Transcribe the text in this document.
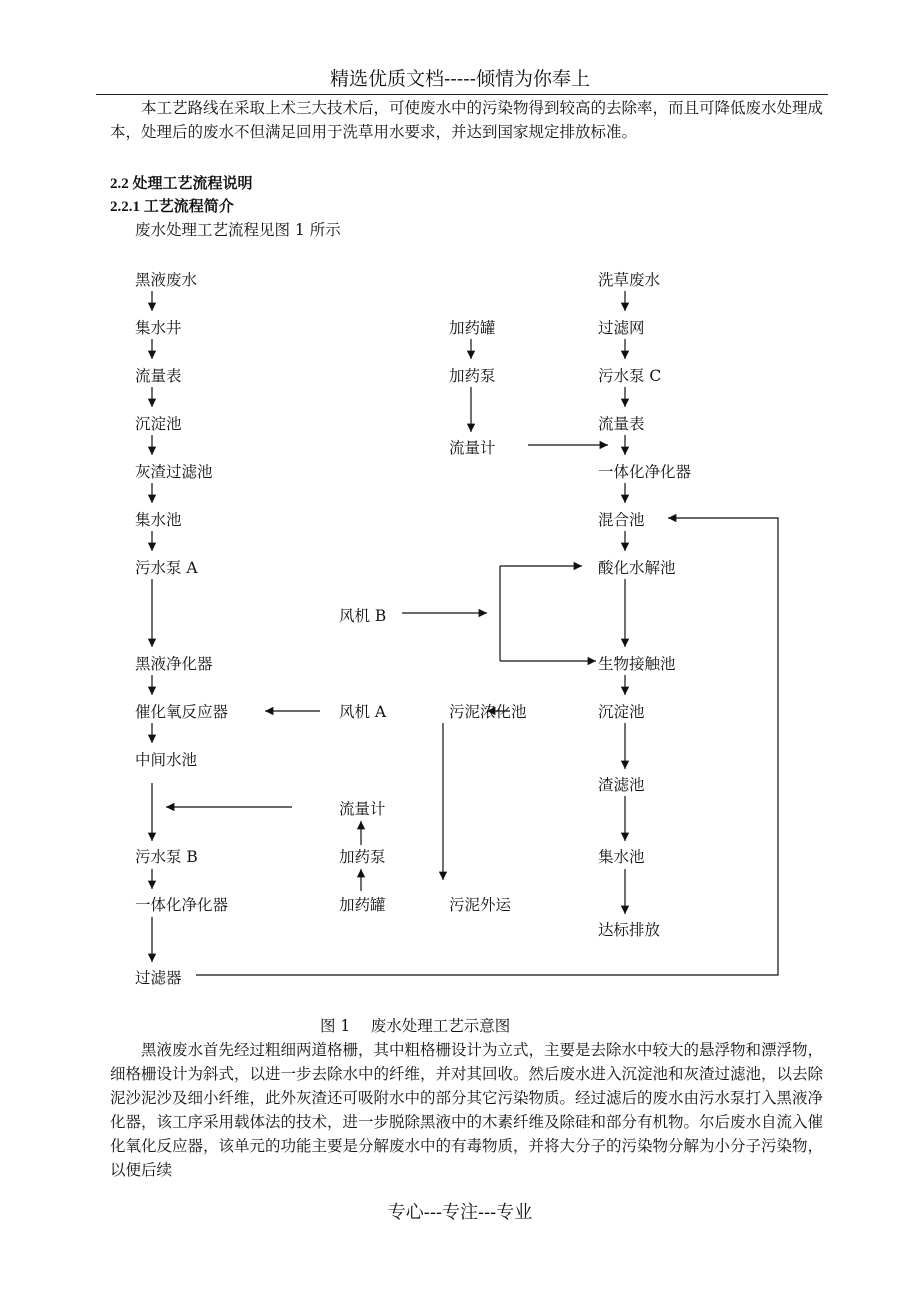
精选优质文档-----倾情为你奉上

本工艺路线在采取上术三大技术后，可使废水中的污染物得到较高的去除率，而且可降低废水处理成本，处理后的废水不但满足回用于洗草用水要求，并达到国家规定排放标准。

2.2 处理工艺流程说明
2.2.1 工艺流程简介
废水处理工艺流程见图 1 所示
黑液废水
集水井
流量表
沉淀池
灰渣过滤池
集水池
污水泵 A
黑液净化器
催化氧反应器
中间水池
污水泵 B
一体化净化器
过滤器
洗草废水
过滤网
污水泵 C
流量表
一体化净化器
混合池
酸化水解池
生物接触池
沉淀池
渣滤池
集水池
达标排放
加药罐
加药泵
流量计
流量计
加药泵
加药罐
风机 B
风机 A	污泥浓化池
污泥外运
图 1　 废水处理工艺示意图

黑液废水首先经过粗细两道格栅，其中粗格栅设计为立式，主要是去除水中较大的悬浮物和漂浮物，细格栅设计为斜式，以进一步去除水中的纤维，并对其回收。然后废水进入沉淀池和灰渣过滤池，以去除泥沙泥沙及细小纤维，此外灰渣还可吸附水中的部分其它污染物质。经过滤后的废水由污水泵打入黑液净化器，该工序采用载体法的技术，进一步脱除黑液中的木素纤维及除硅和部分有机物。尔后废水自流入催化氧化反应器，该单元的功能主要是分解废水中的有毒物质，并将大分子的污染物分解为小分子污染物，以便后续

专心---专注---专业
